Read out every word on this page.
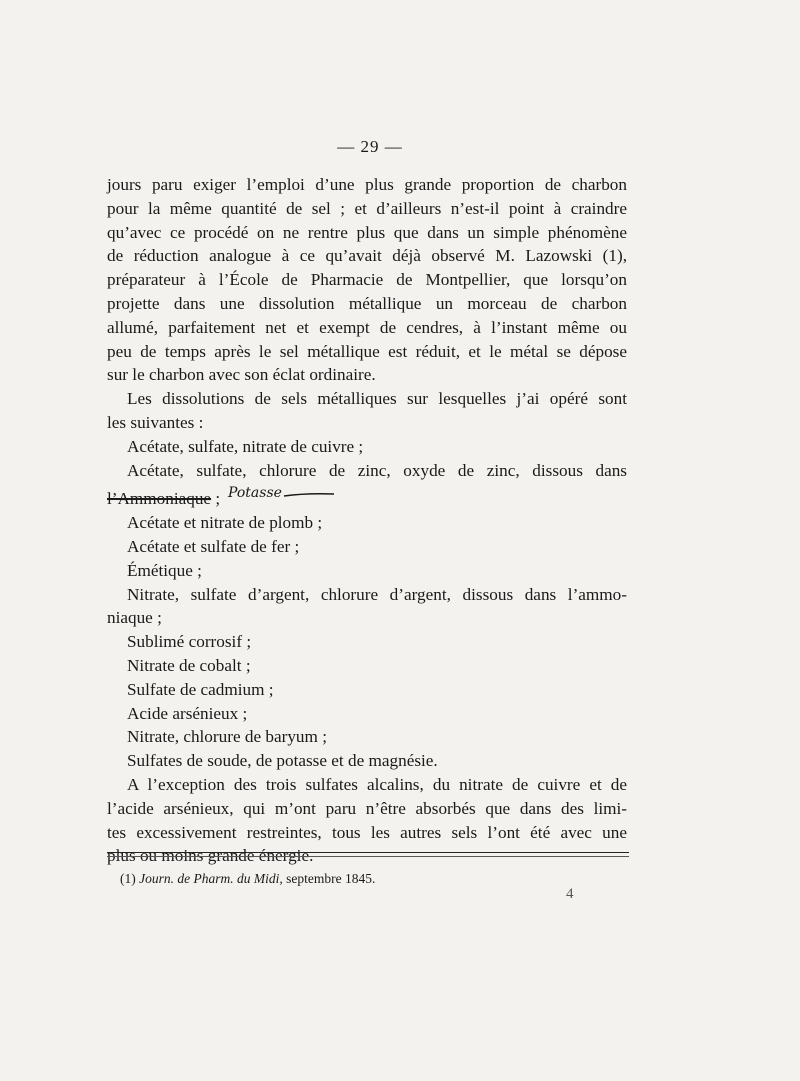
— 29 —
jours paru exiger l’emploi d’une plus grande proportion de charbon
pour la même quantité de sel ; et d’ailleurs n’est-il point à craindre
qu’avec ce procédé on ne rentre plus que dans un simple phénomène
de réduction analogue à ce qu’avait déjà observé M. Lazowski (1),
préparateur à l’École de Pharmacie de Montpellier, que lorsqu’on
projette dans une dissolution métallique un morceau de charbon
allumé, parfaitement net et exempt de cendres, à l’instant même ou
peu de temps après le sel métallique est réduit, et le métal se dépose
sur le charbon avec son éclat ordinaire.
Les dissolutions de sels métalliques sur lesquelles j’ai opéré sont
les suivantes :
Acétate, sulfate, nitrate de cuivre ;
Acétate, sulfate, chlorure de zinc, oxyde de zinc, dissous dans
l’Ammoniaque ; Potasse
Acétate et nitrate de plomb ;
Acétate et sulfate de fer ;
Émétique ;
Nitrate, sulfate d’argent, chlorure d’argent, dissous dans l’ammo-
niaque ;
Sublimé corrosif ;
Nitrate de cobalt ;
Sulfate de cadmium ;
Acide arsénieux ;
Nitrate, chlorure de baryum ;
Sulfates de soude, de potasse et de magnésie.
A l’exception des trois sulfates alcalins, du nitrate de cuivre et de
l’acide arsénieux, qui m’ont paru n’être absorbés que dans des limi-
tes excessivement restreintes, tous les autres sels l’ont été avec une
plus ou moins grande énergie.
(1) Journ. de Pharm. du Midi, septembre 1845.
4
